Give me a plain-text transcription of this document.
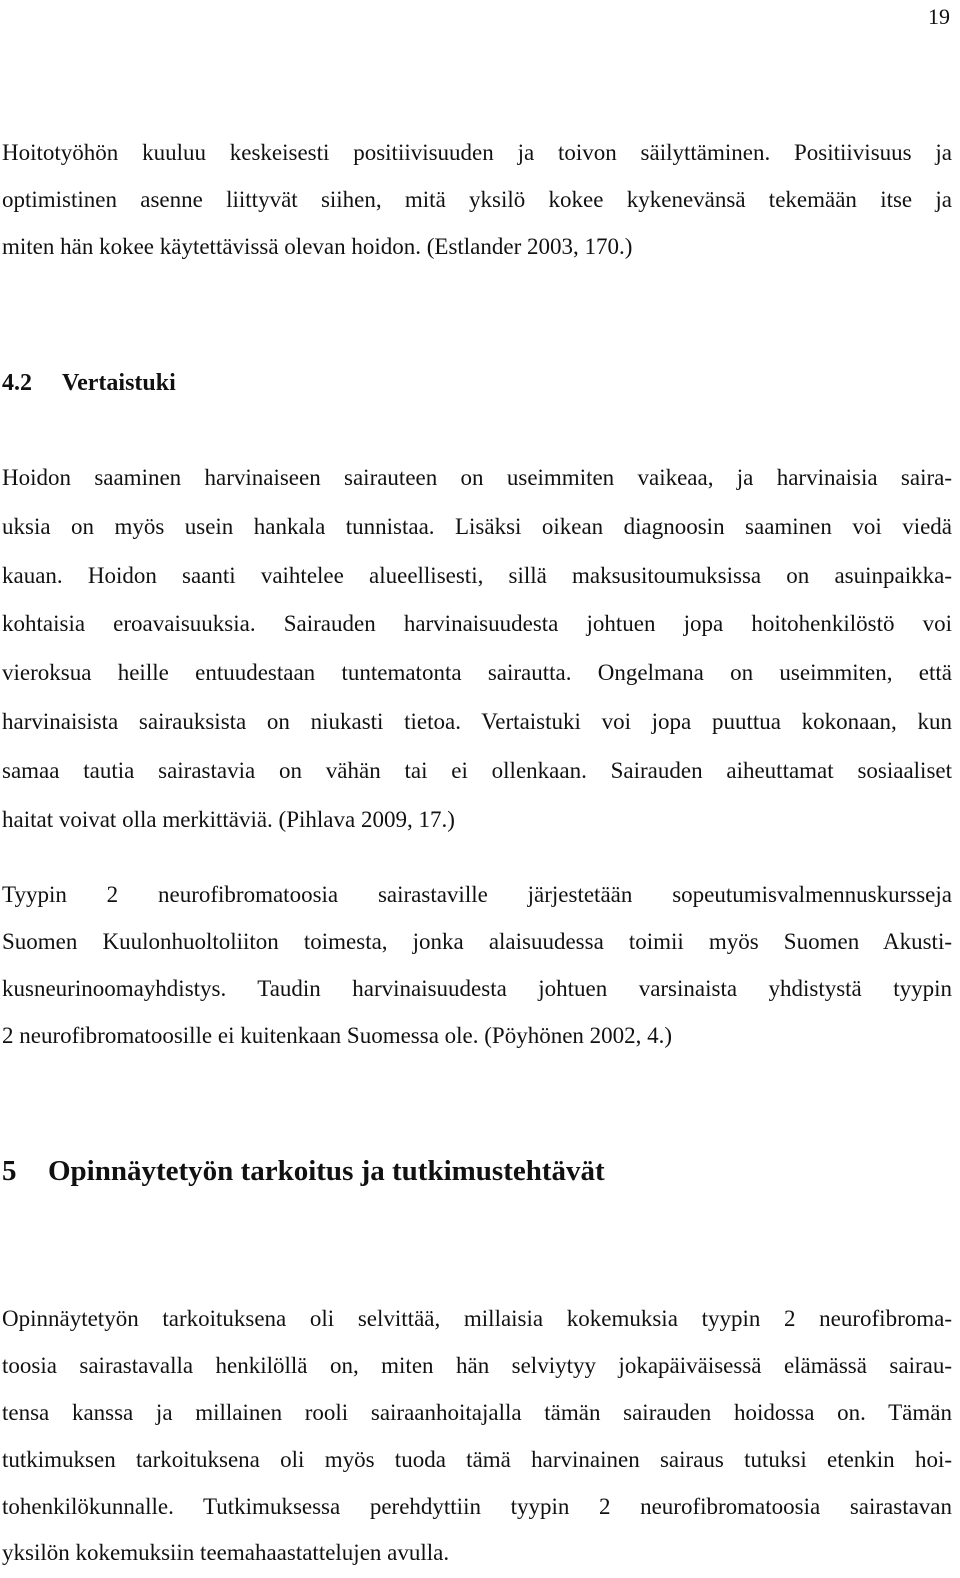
19
Hoitotyöhön kuuluu keskeisesti positiivisuuden ja toivon säilyttäminen. Positiivisuus ja
optimistinen asenne liittyvät siihen, mitä yksilö kokee kykenevänsä tekemään itse ja
miten hän kokee käytettävissä olevan hoidon. (Estlander 2003, 170.)
4.2 Vertaistuki
Hoidon saaminen harvinaiseen sairauteen on useimmiten vaikeaa, ja harvinaisia saira-
uksia on myös usein hankala tunnistaa. Lisäksi oikean diagnoosin saaminen voi viedä
kauan. Hoidon saanti vaihtelee alueellisesti, sillä maksusitoumuksissa on asuinpaikka-
kohtaisia eroavaisuuksia. Sairauden harvinaisuudesta johtuen jopa hoitohenkilöstö voi
vieroksua heille entuudestaan tuntematonta sairautta. Ongelmana on useimmiten, että
harvinaisista sairauksista on niukasti tietoa. Vertaistuki voi jopa puuttua kokonaan, kun
samaa tautia sairastavia on vähän tai ei ollenkaan. Sairauden aiheuttamat sosiaaliset
haitat voivat olla merkittäviä. (Pihlava 2009, 17.)
Tyypin 2 neurofibromatoosia sairastaville järjestetään sopeutumisvalmennuskursseja
Suomen Kuulonhuoltoliiton toimesta, jonka alaisuudessa toimii myös Suomen Akusti-
kusneurinoomayhdistys. Taudin harvinaisuudesta johtuen varsinaista yhdistystä tyypin
2 neurofibromatoosille ei kuitenkaan Suomessa ole. (Pöyhönen 2002, 4.)
5 Opinnäytetyön tarkoitus ja tutkimustehtävät
Opinnäytetyön tarkoituksena oli selvittää, millaisia kokemuksia tyypin 2 neurofibroma-
toosia sairastavalla henkilöllä on, miten hän selviytyy jokapäiväisessä elämässä sairau-
tensa kanssa ja millainen rooli sairaanhoitajalla tämän sairauden hoidossa on. Tämän
tutkimuksen tarkoituksena oli myös tuoda tämä harvinainen sairaus tutuksi etenkin hoi-
tohenkilökunnalle. Tutkimuksessa perehdyttiin tyypin 2 neurofibromatoosia sairastavan
yksilön kokemuksiin teemahaastattelujen avulla.
